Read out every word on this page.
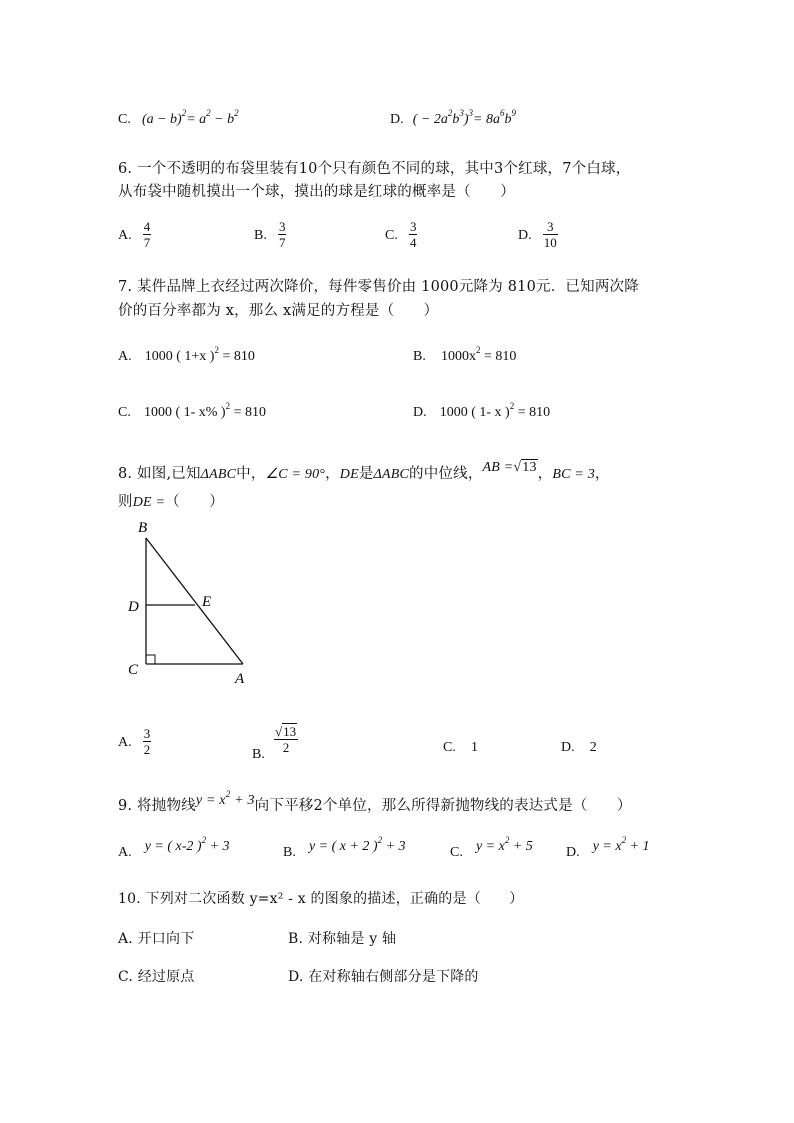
C. $(a - b)^2= a^2 - b^2$	D. ( − $2a^2b^3)^3= 8a^6b^9$
6. 一个不透明的布袋里装有10个只有颜色不同的球，其中3个红球，7个白球，
从布袋中随机摸出一个球，摸出的球是红球的概率是（　　）
A. $\frac{4}{7}$	B. $\frac{3}{7}$	C. $\frac{3}{4}$	D. $\frac{3}{10}$
7. 某件品牌上衣经过两次降价，每件零售价由 1000元降为 810元．已知两次降
价的百分率都为 x，那么 x满足的方程是（　　）
A. 1000 ( 1+x )$^2$ = 810	B. $1000x^2 = 810$
C. 1000 ( 1- x% )$^2$ = 810	D. 1000 ( 1- x )$^2$ = 810
8. 如图,已知ΔABC中，∠C = 90°，DE是ΔABC的中位线，AB =√13，BC = 3，
则DE =（　　）
B
D	E
C
A
A. $\frac{3}{2}$	B. $\frac{√13}{2}$	C. 1	D. 2
9. 将抛物线$y = x^2 + 3$向下平移2个单位，那么所得新抛物线的表达式是（　　）
A. y = ( x-2 )$^2$ + 3	B. y = ( x + 2 )$^2$ + 3	C. $y = x^2 + 5$ D. $y = x^2 + 1$
10. 下列对二次函数 y=x² - x 的图象的描述，正确的是（　　）
A. 开口向下	B. 对称轴是 y 轴
C. 经过原点	D. 在对称轴右侧部分是下降的
